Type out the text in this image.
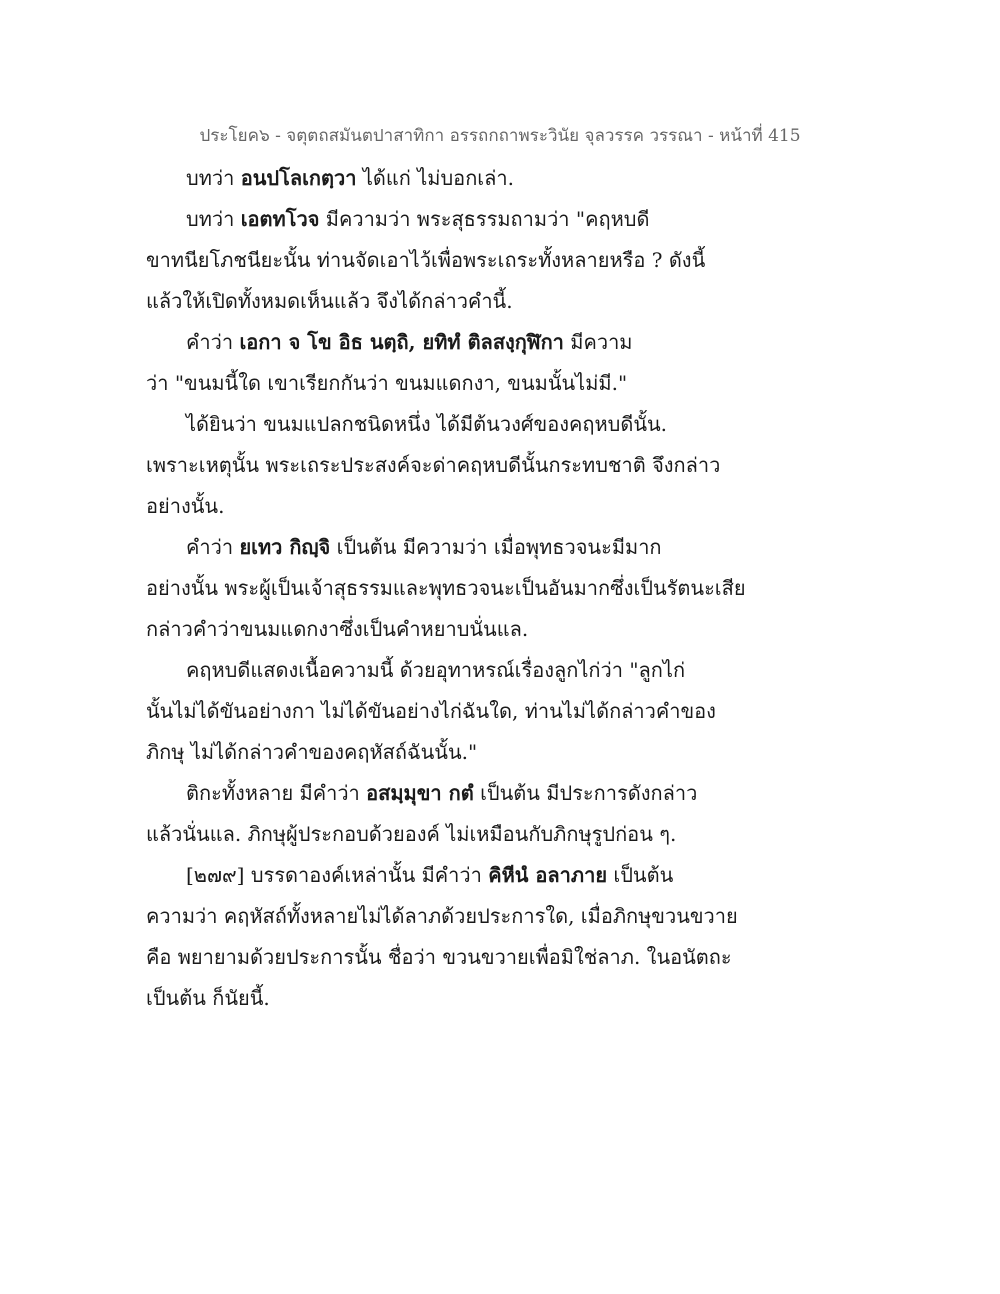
ประโยค๖ - จตุตถสมันตปาสาทิกา อรรถกถาพระวินัย จุลวรรค วรรณา - หน้าที่ 415
บทว่า อนปโลเกตฺวา ได้แก่ ไม่บอกเล่า.
บทว่า เอตทโวจ มีความว่า พระสุธรรมถามว่า "คฤหบดี
ขาทนียโภชนียะนั้น ท่านจัดเอาไว้เพื่อพระเถระทั้งหลายหรือ ? ดังนี้
แล้วให้เปิดทั้งหมดเห็นแล้ว จึงได้กล่าวคำนี้.
คำว่า เอกา จ โข อิธ นตฺถิ, ยทิทํ ติลสงฺกุฬิกา มีความ
ว่า "ขนมนี้ใด เขาเรียกกันว่า ขนมแดกงา, ขนมนั้นไม่มี."
ได้ยินว่า ขนมแปลกชนิดหนึ่ง ได้มีต้นวงศ์ของคฤหบดีนั้น.
เพราะเหตุนั้น พระเถระประสงค์จะด่าคฤหบดีนั้นกระทบชาติ จึงกล่าว
อย่างนั้น.
คำว่า ยเทว กิญฺจิ เป็นต้น มีความว่า เมื่อพุทธวจนะมีมาก
อย่างนั้น พระผู้เป็นเจ้าสุธรรมและพุทธวจนะเป็นอันมากซึ่งเป็นรัตนะเสีย
กล่าวคำว่าขนมแดกงาซึ่งเป็นคำหยาบนั่นแล.
คฤหบดีแสดงเนื้อความนี้ ด้วยอุทาหรณ์เรื่องลูกไก่ว่า "ลูกไก่
นั้นไม่ได้ขันอย่างกา ไม่ได้ขันอย่างไก่ฉันใด, ท่านไม่ได้กล่าวคำของ
ภิกษุ ไม่ได้กล่าวคำของคฤหัสถ์ฉันนั้น."
ติกะทั้งหลาย มีคำว่า อสมฺมุขา กตํ เป็นต้น มีประการดังกล่าว
แล้วนั่นแล. ภิกษุผู้ประกอบด้วยองค์ ไม่เหมือนกับภิกษุรูปก่อน ๆ.
[๒๗๙] บรรดาองค์เหล่านั้น มีคำว่า คิหีนํ อลาภาย เป็นต้น
ความว่า คฤหัสถ์ทั้งหลายไม่ได้ลาภด้วยประการใด, เมื่อภิกษุขวนขวาย
คือ พยายามด้วยประการนั้น ชื่อว่า ขวนขวายเพื่อมิใช่ลาภ. ในอนัตถะ
เป็นต้น ก็นัยนี้.
